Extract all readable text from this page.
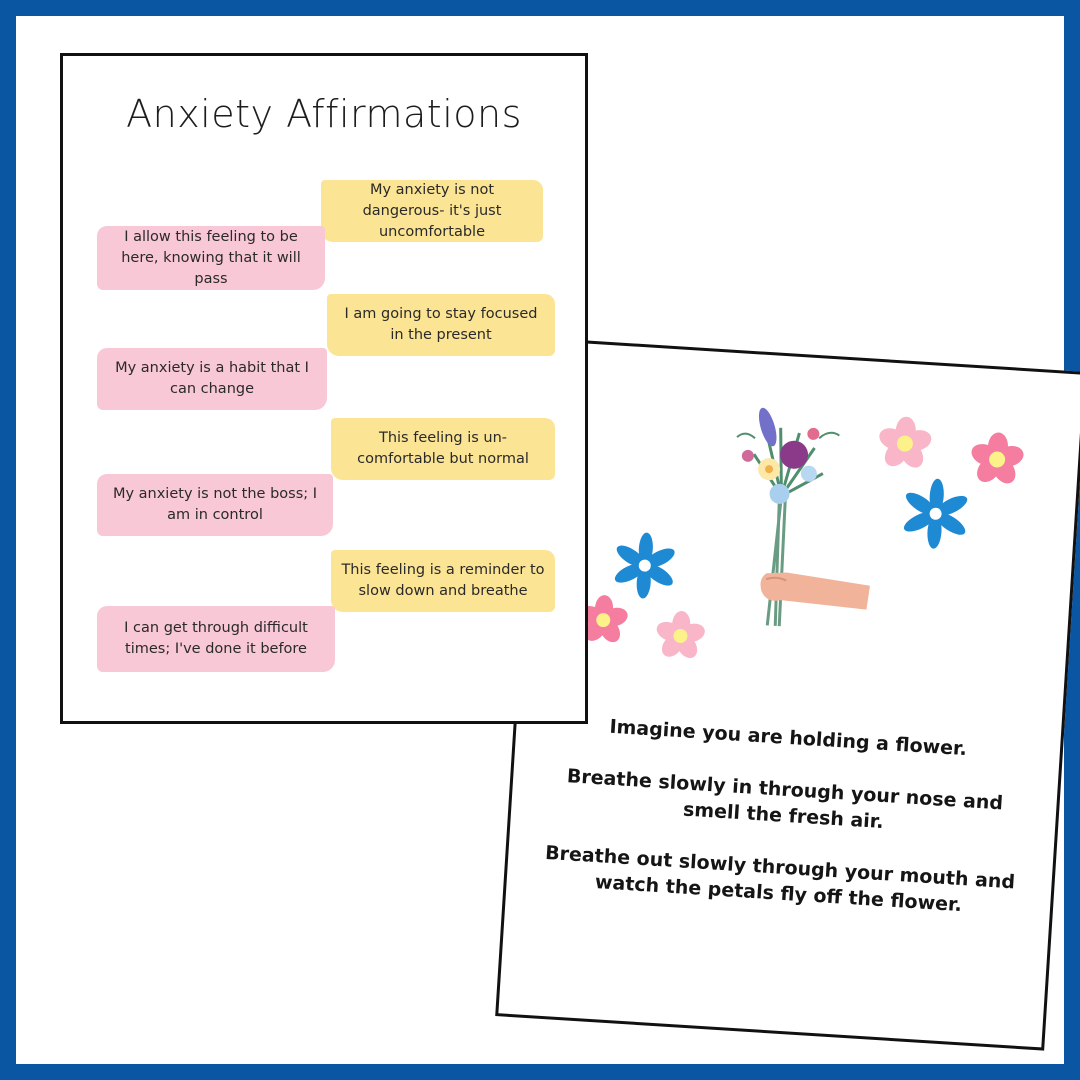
Imagine you are holding a flower.

Breathe slowly in through your nose and smell the fresh air.

Breathe out slowly through your mouth and watch the petals fly off the flower.

Anxiety Affirmations
My anxiety is not dangerous- it's just uncomfortable
I allow this feeling to be here, knowing that it will pass
I am going to stay focused in the present
My anxiety is a habit that I can change
This feeling is un-comfortable but normal
My anxiety is not the boss; I am in control
This feeling is a reminder to slow down and breathe
I can get through difficult times; I've done it before
